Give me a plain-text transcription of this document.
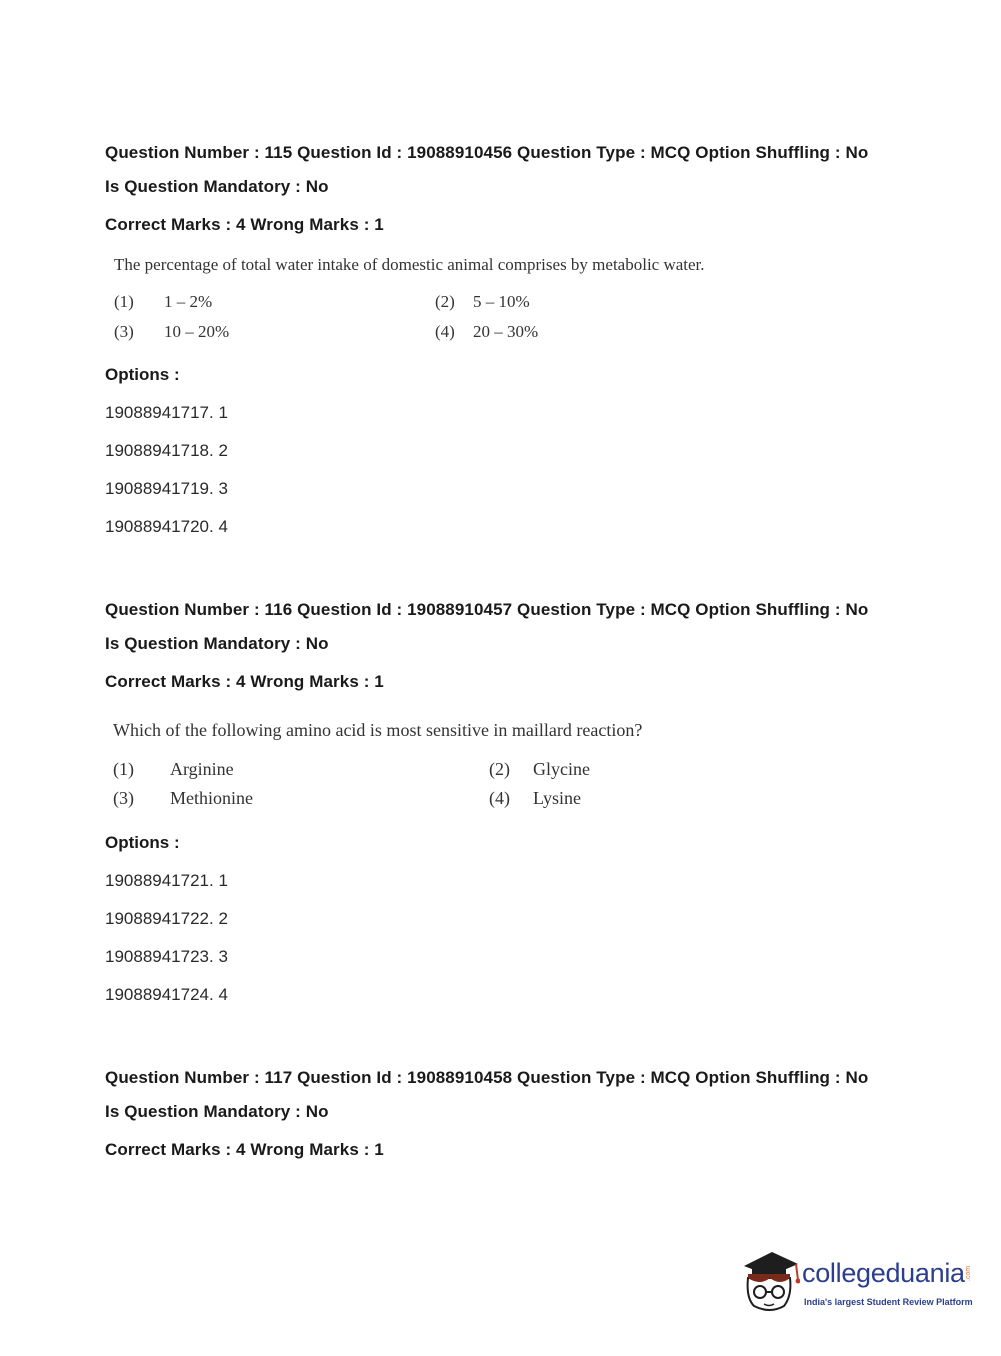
Question Number : 115 Question Id : 19088910456 Question Type : MCQ Option Shuffling : No
Is Question Mandatory : No
Correct Marks : 4 Wrong Marks : 1
The percentage of total water intake of domestic animal comprises by metabolic water.
(1) 1 – 2%	(2) 5 – 10%
(3) 10 – 20%	(4) 20 – 30%
Options :
19088941717. 1
19088941718. 2
19088941719. 3
19088941720. 4
Question Number : 116 Question Id : 19088910457 Question Type : MCQ Option Shuffling : No
Is Question Mandatory : No
Correct Marks : 4 Wrong Marks : 1
Which of the following amino acid is most sensitive in maillard reaction?
(1) Arginine	(2) Glycine
(3) Methionine	(4) Lysine
Options :
19088941721. 1
19088941722. 2
19088941723. 3
19088941724. 4
Question Number : 117 Question Id : 19088910458 Question Type : MCQ Option Shuffling : No
Is Question Mandatory : No
Correct Marks : 4 Wrong Marks : 1
collegeduania .com
India's largest Student Review Platform
